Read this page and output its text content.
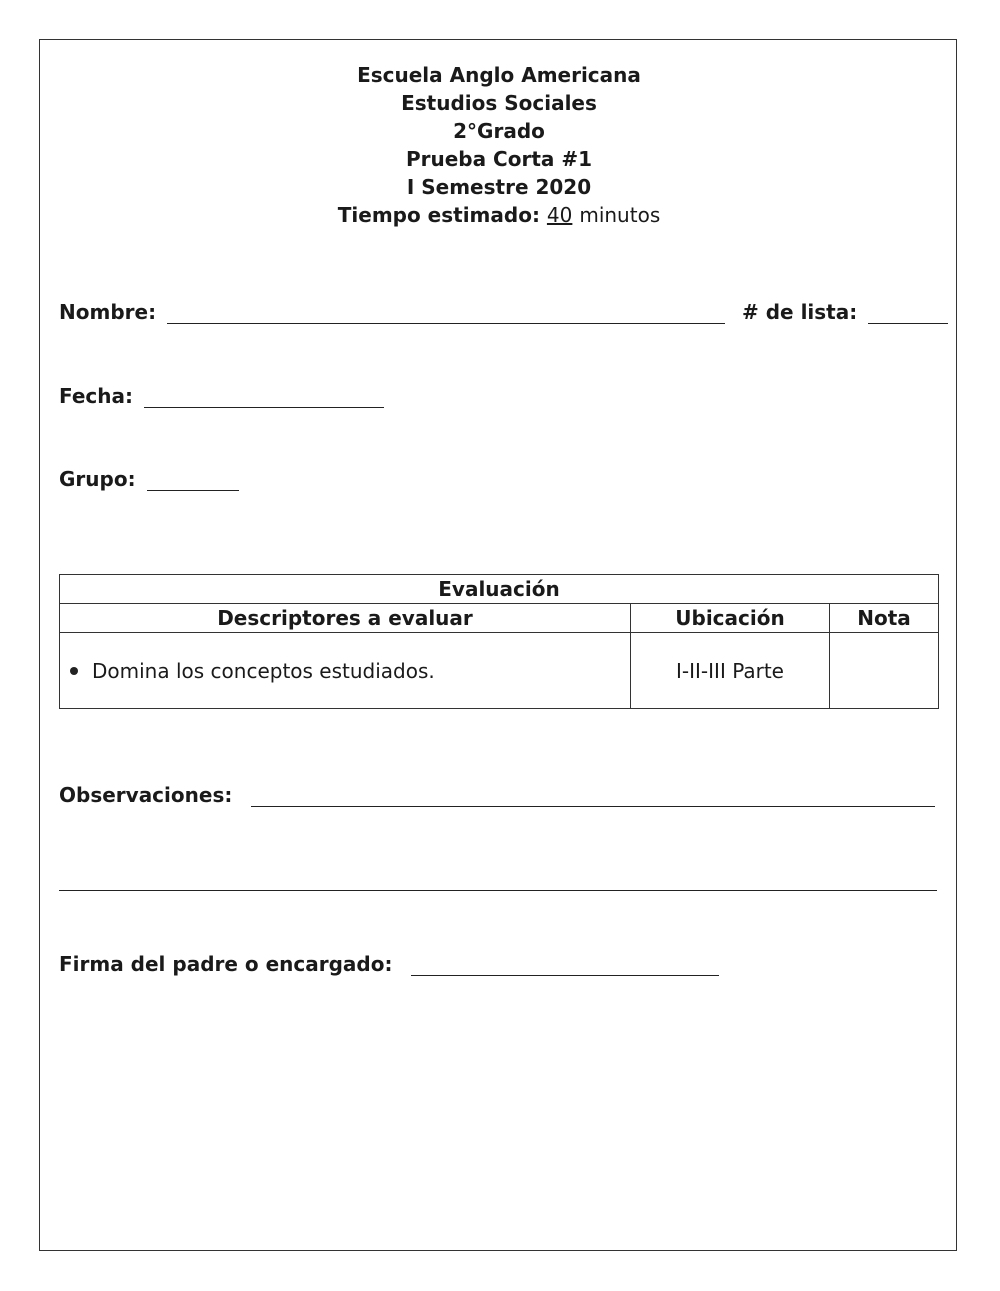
Escuela Anglo Americana
Estudios Sociales
2°Grado
Prueba Corta #1
I Semestre 2020
Tiempo estimado: 40 minutos
Nombre:	# de lista:
Fecha:
Grupo:
Evaluación		
Descriptores a evaluar	Ubicación	Nota
Domina los conceptos estudiados.	I-II-III Parte	
Observaciones:
Firma del padre o encargado:
